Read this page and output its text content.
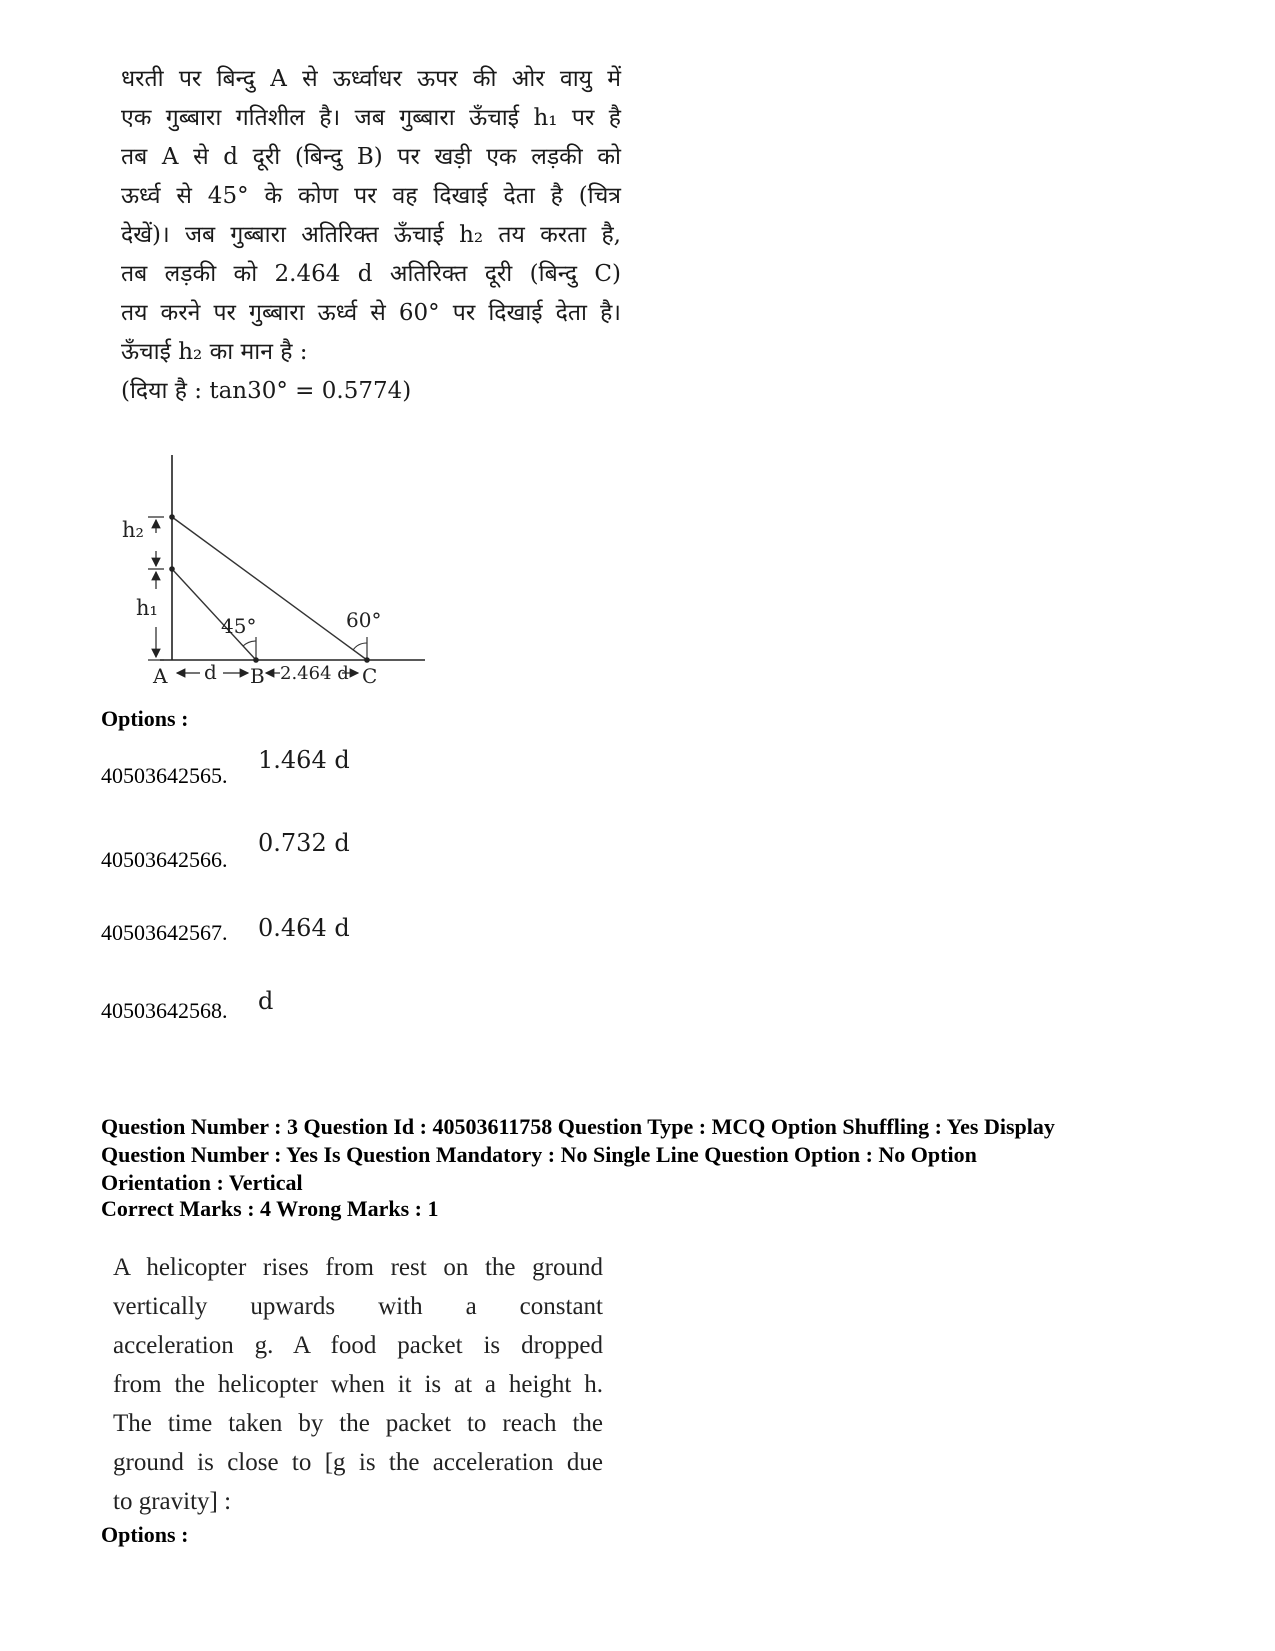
धरती पर बिन्दु A से ऊर्ध्वाधर ऊपर की ओर वायु में
एक गुब्बारा गतिशील है। जब गुब्बारा ऊँचाई h₁ पर है
तब A से d दूरी (बिन्दु B) पर खड़ी एक लड़की को
ऊर्ध्व से 45° के कोण पर वह दिखाई देता है (चित्र
देखें)। जब गुब्बारा अतिरिक्त ऊँचाई h₂ तय करता है,
तब लड़की को 2.464 d अतिरिक्त दूरी (बिन्दु C)
तय करने पर गुब्बारा ऊर्ध्व से 60° पर दिखाई देता है।
ऊँचाई h₂ का मान है :
(दिया है : tan30° = 0.5774)
h₂
h₁
45°	60°
A d B 2.464 d C
Options :
40503642565.
1.464 d
40503642566.
0.732 d
40503642567. 0.464 d
40503642568. d
Question Number : 3 Question Id : 40503611758 Question Type : MCQ Option Shuffling : Yes Display
Question Number : Yes Is Question Mandatory : No Single Line Question Option : No Option
Orientation : Vertical
Correct Marks : 4 Wrong Marks : 1
A helicopter rises from rest on the ground
vertically upwards with a constant
acceleration g. A food packet is dropped
from the helicopter when it is at a height h.
The time taken by the packet to reach the
ground is close to [g is the acceleration due
to gravity] :
Options :
